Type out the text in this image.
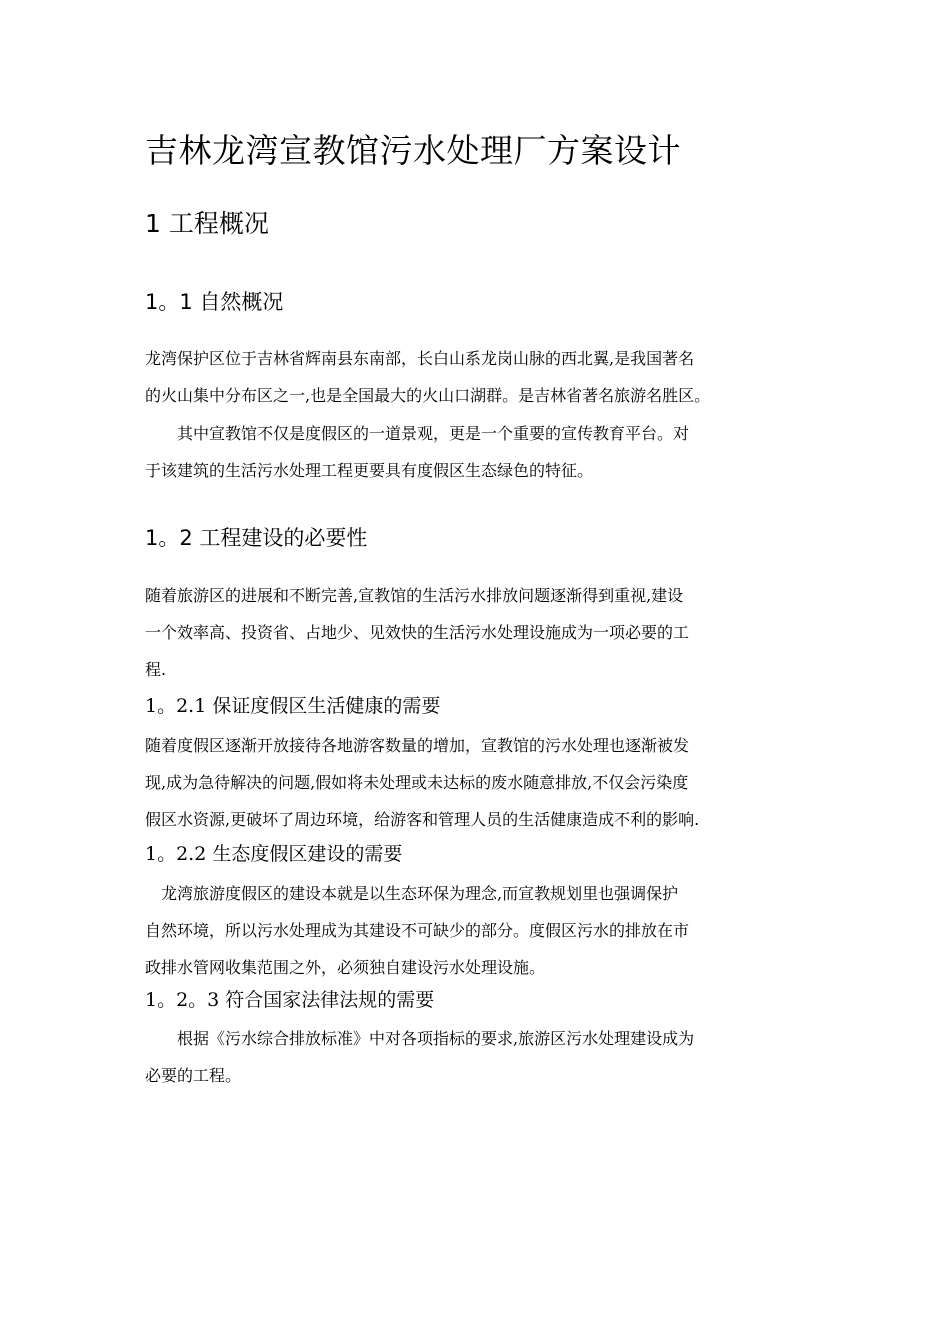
吉林龙湾宣教馆污水处理厂方案设计
1 工程概况
1。1 自然概况

龙湾保护区位于吉林省辉南县东南部，长白山系龙岗山脉的西北翼,是我国著名
的火山集中分布区之一,也是全国最大的火山口湖群。是吉林省著名旅游名胜区。

　　其中宣教馆不仅是度假区的一道景观，更是一个重要的宣传教育平台。对
于该建筑的生活污水处理工程更要具有度假区生态绿色的特征。

1。2 工程建设的必要性

随着旅游区的进展和不断完善,宣教馆的生活污水排放问题逐渐得到重视,建设
一个效率高、投资省、占地少、见效快的生活污水处理设施成为一项必要的工
程.

1。2.1 保证度假区生活健康的需要

随着度假区逐渐开放接待各地游客数量的增加，宣教馆的污水处理也逐渐被发
现,成为急待解决的问题,假如将未处理或未达标的废水随意排放,不仅会污染度
假区水资源,更破坏了周边环境，给游客和管理人员的生活健康造成不利的影响.

1。2.2 生态度假区建设的需要

　龙湾旅游度假区的建设本就是以生态环保为理念,而宣教规划里也强调保护
自然环境，所以污水处理成为其建设不可缺少的部分。度假区污水的排放在市
政排水管网收集范围之外，必须独自建设污水处理设施。

1。2。3 符合国家法律法规的需要

　　根据《污水综合排放标准》中对各项指标的要求,旅游区污水处理建设成为
必要的工程。
